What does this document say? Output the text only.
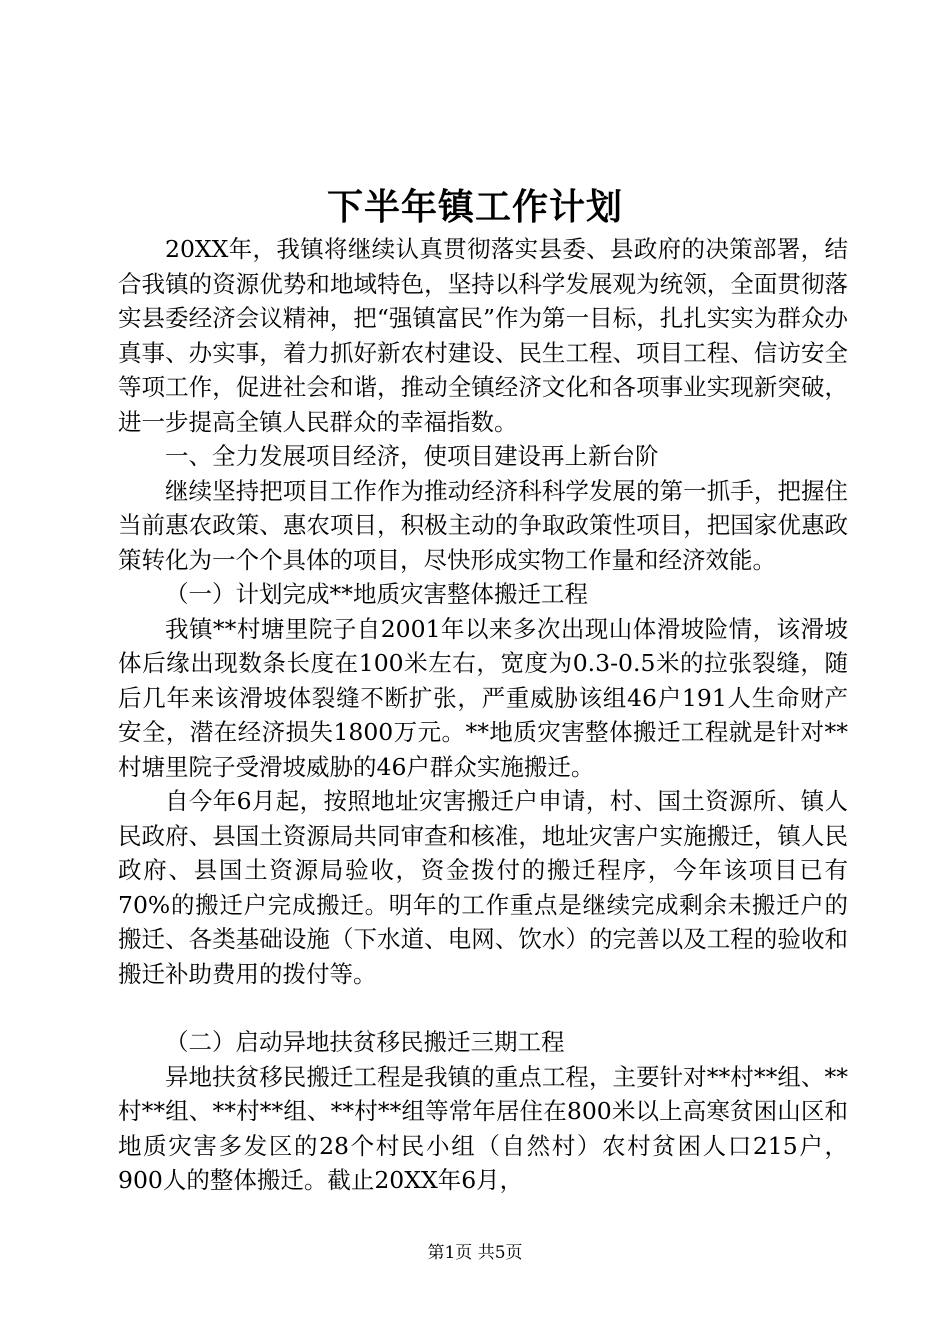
下半年镇工作计划

20XX年，我镇将继续认真贯彻落实县委、县政府的决策部署，结合我镇的资源优势和地域特色，坚持以科学发展观为统领，全面贯彻落实县委经济会议精神，把“强镇富民”作为第一目标，扎扎实实为群众办真事、办实事，着力抓好新农村建设、民生工程、项目工程、信访安全等项工作，促进社会和谐，推动全镇经济文化和各项事业实现新突破，进一步提高全镇人民群众的幸福指数。

一、全力发展项目经济，使项目建设再上新台阶

继续坚持把项目工作作为推动经济科科学发展的第一抓手，把握住当前惠农政策、惠农项目，积极主动的争取政策性项目，把国家优惠政策转化为一个个具体的项目，尽快形成实物工作量和经济效能。

（一）计划完成**地质灾害整体搬迁工程

我镇**村塘里院子自2001年以来多次出现山体滑坡险情，该滑坡体后缘出现数条长度在100米左右，宽度为0.3-0.5米的拉张裂缝，随后几年来该滑坡体裂缝不断扩张，严重威胁该组46户191人生命财产安全，潜在经济损失1800万元。**地质灾害整体搬迁工程就是针对**村塘里院子受滑坡威胁的46户群众实施搬迁。

自今年6月起，按照地址灾害搬迁户申请，村、国土资源所、镇人民政府、县国土资源局共同审查和核准，地址灾害户实施搬迁，镇人民政府、县国土资源局验收，资金拨付的搬迁程序，今年该项目已有70%的搬迁户完成搬迁。明年的工作重点是继续完成剩余未搬迁户的搬迁、各类基础设施（下水道、电网、饮水）的完善以及工程的验收和搬迁补助费用的拨付等。

（二）启动异地扶贫移民搬迁三期工程

异地扶贫移民搬迁工程是我镇的重点工程，主要针对**村**组、**村**组、**村**组、**村**组等常年居住在800米以上高寒贫困山区和地质灾害多发区的28个村民小组（自然村）农村贫困人口215户，900人的整体搬迁。截止20XX年6月，

第1页 共5页
